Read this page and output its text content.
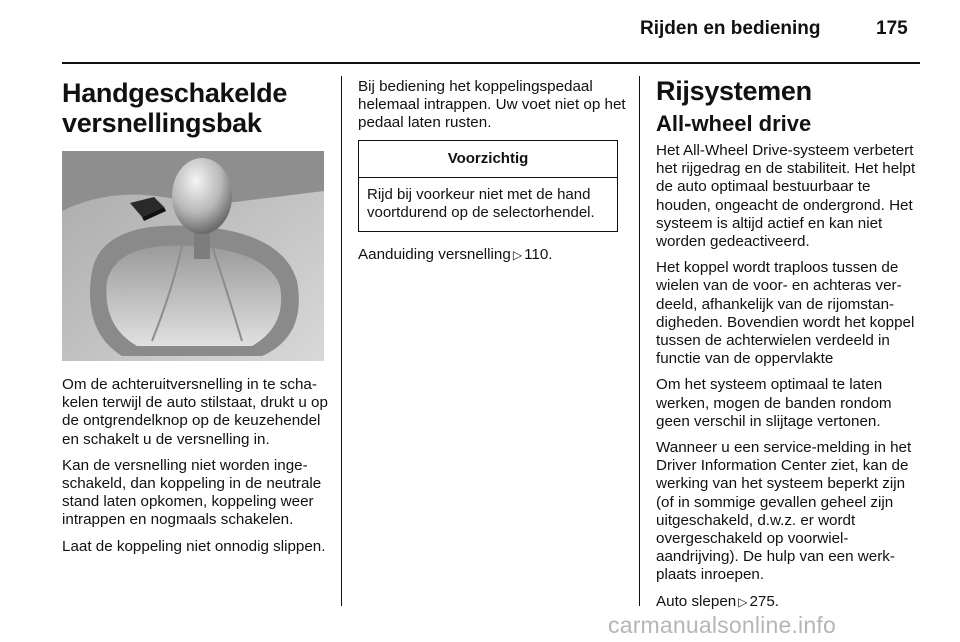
Rijden en bediening	175
Handgeschakelde versnellingsbak

Om de achteruitversnelling in te schakelen terwijl de auto stilstaat, drukt u op de ontgrendelknop op de keuzehendel en schakelt u de versnelling in.

Kan de versnelling niet worden ingeschakeld, dan koppeling in de neutrale stand laten opkomen, koppeling weer intrappen en nogmaals schakelen.

Laat de koppeling niet onnodig slippen.

Bij bediening het koppelingspedaal helemaal intrappen. Uw voet niet op het pedaal laten rusten.

Voorzichtig
Rijd bij voorkeur niet met de hand voortdurend op de selectorhendel.

Aanduiding versnelling ▷ 110.

Rijsystemen
All-wheel drive

Het All-Wheel Drive-systeem verbetert het rijgedrag en de stabiliteit. Het helpt de auto optimaal bestuurbaar te houden, ongeacht de ondergrond. Het systeem is altijd actief en kan niet worden gedeactiveerd.

Het koppel wordt traploos tussen de wielen van de voor- en achteras verdeeld, afhankelijk van de rijomstandigheden. Bovendien wordt het koppel tussen de achterwielen verdeeld in functie van de oppervlakte

Om het systeem optimaal te laten werken, mogen de banden rondom geen verschil in slijtage vertonen.

Wanneer u een service-melding in het Driver Information Center ziet, kan de werking van het systeem beperkt zijn (of in sommige gevallen geheel zijn uitgeschakeld, d.w.z. er wordt overgeschakeld op voorwielaandrijving). De hulp van een werkplaats inroepen.

Auto slepen ▷ 275.

carmanualsonline.info
